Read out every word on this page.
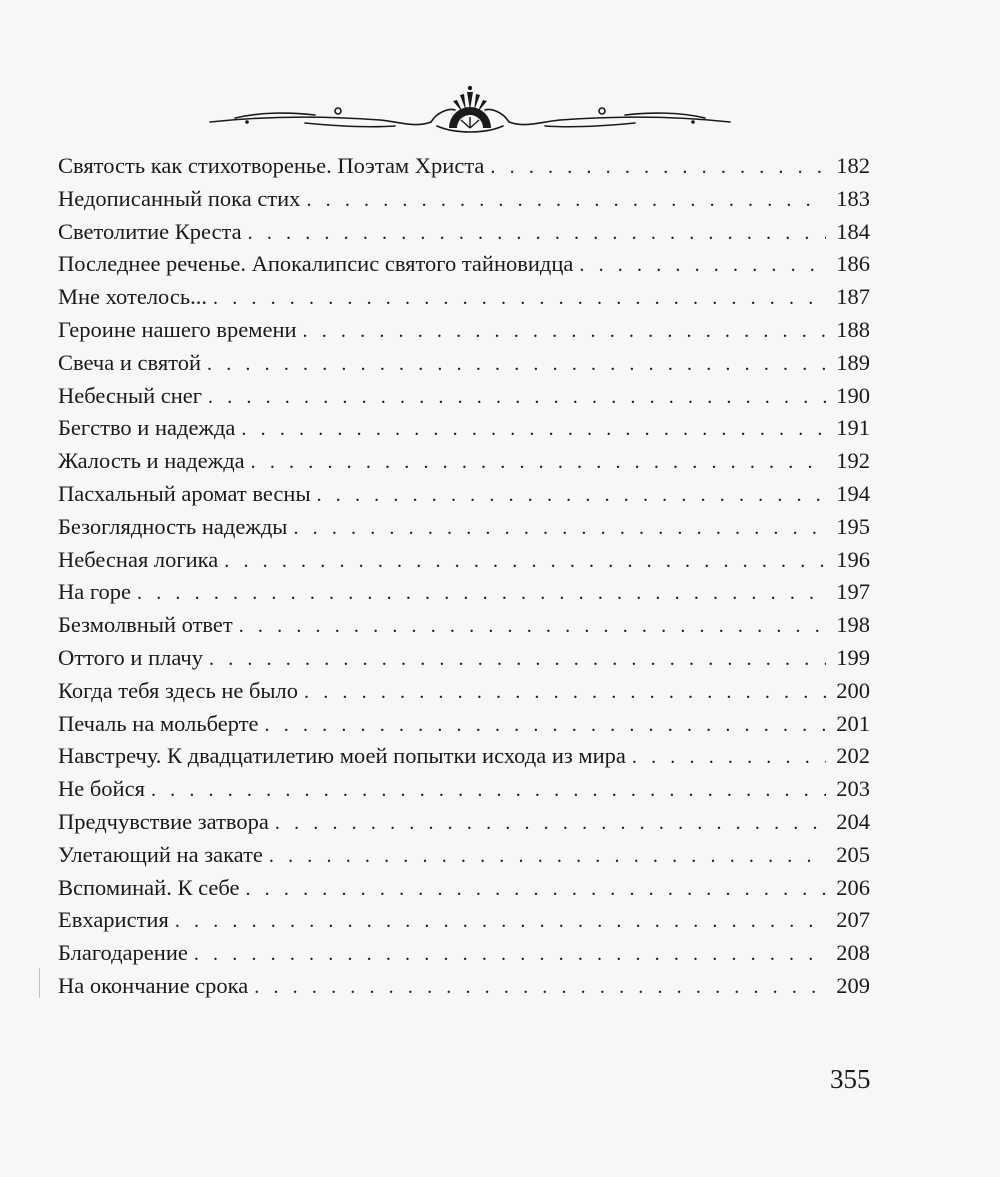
Святость как стихотворенье. Поэтам Христа . . .	182
Недописанный пока стих . . .	183
Светолитие Креста . . .	184
Последнее реченье. Апокалипсис святого тайновидца . . .	186
Мне хотелось... . . .	187
Героине нашего времени . . .	188
Свеча и святой . . .	189
Небесный снег . . .	190
Бегство и надежда . . .	191
Жалость и надежда . . .	192
Пасхальный аромат весны . . .	194
Безоглядность надежды . . .	195
Небесная логика . . .	196
На горе . . .	197
Безмолвный ответ . . .	198
Оттого и плачу . . .	199
Когда тебя здесь не было . . .	200
Печаль на мольберте . . .	201
Навстречу. К двадцатилетию моей попытки исхода из мира . . .	202
Не бойся . . .	203
Предчувствие затвора . . .	204
Улетающий на закате . . .	205
Вспоминай. К себе . . .	206
Евхаристия . . .	207
Благодарение . . .	208
На окончание срока . . .	209
355
